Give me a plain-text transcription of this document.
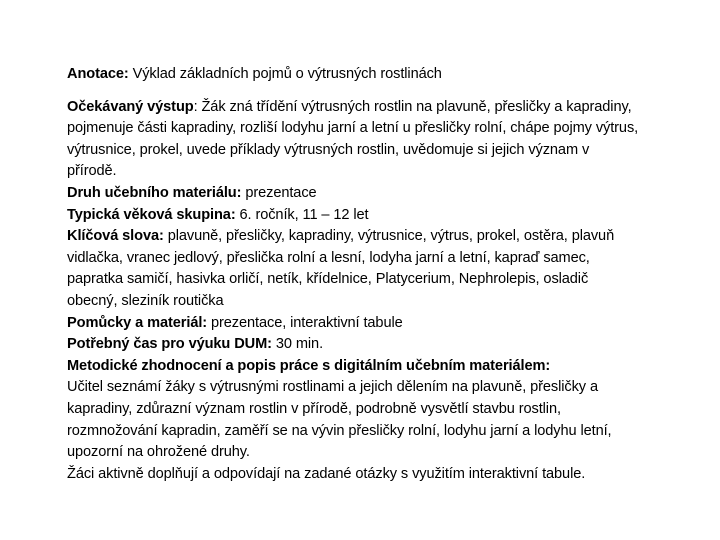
Anotace: Výklad základních pojmů o výtrusných rostlinách

Očekávaný výstup: Žák zná třídění výtrusných rostlin na plavuně, přesličky a kapradiny, pojmenuje části kapradiny, rozliší lodyhu jarní a letní u přesličky rolní, chápe pojmy výtrus, výtrusnice, prokel, uvede příklady výtrusných rostlin, uvědomuje si jejich význam v přírodě.

Druh učebního materiálu: prezentace

Typická věková skupina: 6. ročník, 11 – 12 let

Klíčová slova: plavuně, přesličky, kapradiny, výtrusnice, výtrus, prokel, ostěra, plavuň vidlačka, vranec jedlový, přeslička rolní a lesní, lodyha jarní a letní, kapraď samec, papratka samičí, hasivka orličí, netík, křídelnice, Platycerium, Nephrolepis, osladič obecný, sleziník routička

Pomůcky a materiál: prezentace, interaktivní tabule

Potřebný čas pro výuku DUM: 30 min.

Metodické zhodnocení a popis práce s digitálním učebním materiálem:

Učitel seznámí žáky s výtrusnými rostlinami a jejich dělením na plavuně, přesličky a kapradiny, zdůrazní význam rostlin v přírodě, podrobně vysvětlí stavbu rostlin, rozmnožování kapradin, zaměří se na vývin přesličky rolní, lodyhu jarní a lodyhu letní, upozorní na ohrožené druhy.

Žáci aktivně doplňují a odpovídají na zadané otázky s využitím interaktivní tabule.
